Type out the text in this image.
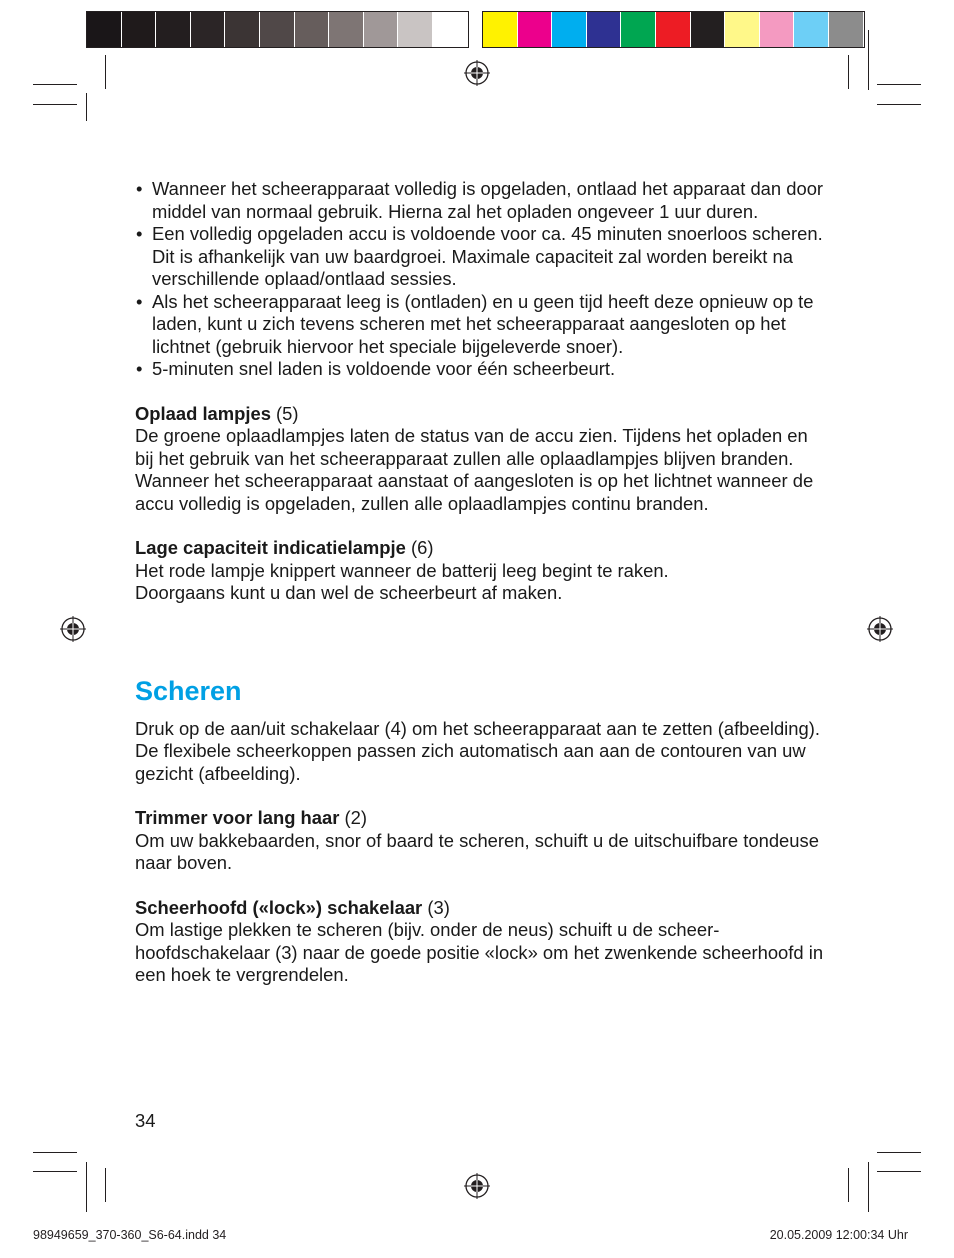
• Wanneer het scheerapparaat volledig is opgeladen, ontlaad het apparaat dan door middel van normaal gebruik. Hierna zal het opladen ongeveer 1 uur duren.
• Een volledig opgeladen accu is voldoende voor ca. 45 minuten snoerloos scheren. Dit is afhankelijk van uw baardgroei. Maximale capaciteit zal worden bereikt na verschillende oplaad/ontlaad sessies.
• Als het scheerapparaat leeg is (ontladen) en u geen tijd heeft deze opnieuw op te laden, kunt u zich tevens scheren met het scheerapparaat aangesloten op het lichtnet (gebruik hiervoor het speciale bijgeleverde snoer).
• 5-minuten snel laden is voldoende voor één scheerbeurt.

Oplaad lampjes (5)

De groene oplaadlampjes laten de status van de accu zien. Tijdens het opladen en bij het gebruik van het scheerapparaat zullen alle oplaadlampjes blijven branden. Wanneer het scheerapparaat aanstaat of aangesloten is op het lichtnet wanneer de accu volledig is opgeladen, zullen alle oplaadlampjes continu branden.

Lage capaciteit indicatielampje (6)

Het rode lampje knippert wanneer de batterij leeg begint te raken.

Doorgaans kunt u dan wel de scheerbeurt af maken.

Scheren

Druk op de aan/uit schakelaar (4) om het scheerapparaat aan te zetten (afbeelding).

De flexibele scheerkoppen passen zich automatisch aan aan de contouren van uw gezicht (afbeelding).

Trimmer voor lang haar (2)

Om uw bakkebaarden, snor of baard te scheren, schuift u de uitschuifbare tondeuse naar boven.

Scheerhoofd («lock») schakelaar (3)

Om lastige plekken te scheren (bijv. onder de neus) schuift u de scheer-hoofdschakelaar (3) naar de goede positie «lock» om het zwenkende scheerhoofd in een hoek te vergrendelen.

34
98949659_370-360_S6-64.indd 34	20.05.2009 12:00:34 Uhr
